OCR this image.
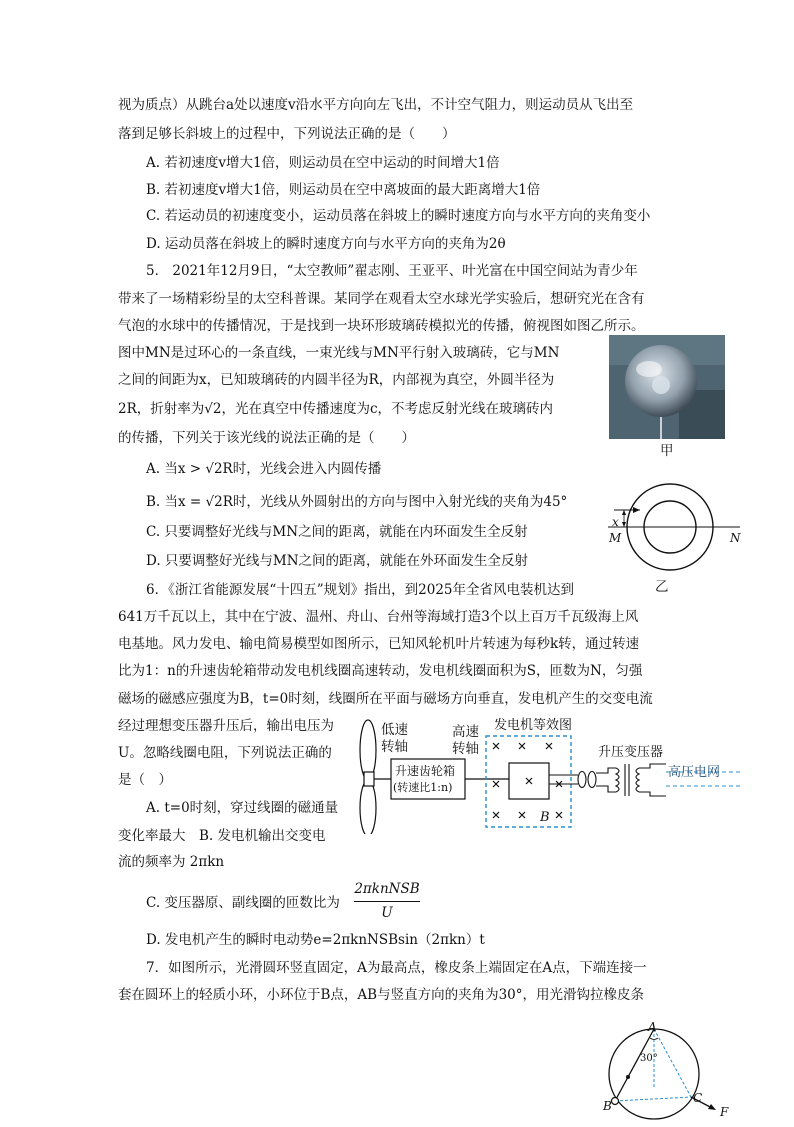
视为质点）从跳台a处以速度v沿水平方向向左飞出，不计空气阻力，则运动员从飞出至
落到足够长斜坡上的过程中，下列说法正确的是（　　）
A. 若初速度v增大1倍，则运动员在空中运动的时间增大1倍
B. 若初速度v增大1倍，则运动员在空中离坡面的最大距离增大1倍
C. 若运动员的初速度变小，运动员落在斜坡上的瞬时速度方向与水平方向的夹角变小
D. 运动员落在斜坡上的瞬时速度方向与水平方向的夹角为2θ
5． 2021年12月9日，“太空教师”翟志刚、王亚平、叶光富在中国空间站为青少年
带来了一场精彩纷呈的太空科普课。某同学在观看太空水球光学实验后，想研究光在含有
气泡的水球中的传播情况，于是找到一块环形玻璃砖模拟光的传播，俯视图如图乙所示。
图中MN是过环心的一条直线，一束光线与MN平行射入玻璃砖，它与MN
之间的间距为x，已知玻璃砖的内圆半径为R，内部视为真空，外圆半径为
2R，折射率为√2，光在真空中传播速度为c，不考虑反射光线在玻璃砖内
的传播，下列关于该光线的说法正确的是（　　）
A. 当x > √2R时，光线会进入内圆传播
B. 当x = √2R时，光线从外圆射出的方向与图中入射光线的夹角为45°
C. 只要调整好光线与MN之间的距离，就能在内环面发生全反射
D. 只要调整好光线与MN之间的距离，就能在外环面发生全反射
甲
x
M	N
乙
6．《浙江省能源发展“十四五”规划》指出，到2025年全省风电装机达到
641万千瓦以上，其中在宁波、温州、舟山、台州等海域打造3个以上百万千瓦级海上风
电基地。风力发电、输电简易模型如图所示，已知风轮机叶片转速为每秒k转，通过转速
比为1：n的升速齿轮箱带动发电机线圈高速转动，发电机线圈面积为S，匝数为N，匀强
磁场的磁感应强度为B，t=0时刻，线圈所在平面与磁场方向垂直，发电机产生的交变电流
经过理想变压器升压后，输出电压为
U。忽略线圈电阻，下列说法正确的
是（　）
A. t=0时刻，穿过线圈的磁通量
变化率最大　B. 发电机输出交变电
流的频率为 2πkn
C. 变压器原、副线圈的匝数比为
2πknNSB
U
D. 发电机产生的瞬时电动势e=2πknNSBsin（2πkn）t
低速
转轴
高速
转轴
发电机等效图
升压变压器
高压电网
升速齿轮箱
(转速比1:n)
B
7．如图所示，光滑圆环竖直固定，A为最高点，橡皮条上端固定在A点，下端连接一
套在圆环上的轻质小环，小环位于B点，AB与竖直方向的夹角为30°，用光滑钩拉橡皮条
A
30°
B
C
F
